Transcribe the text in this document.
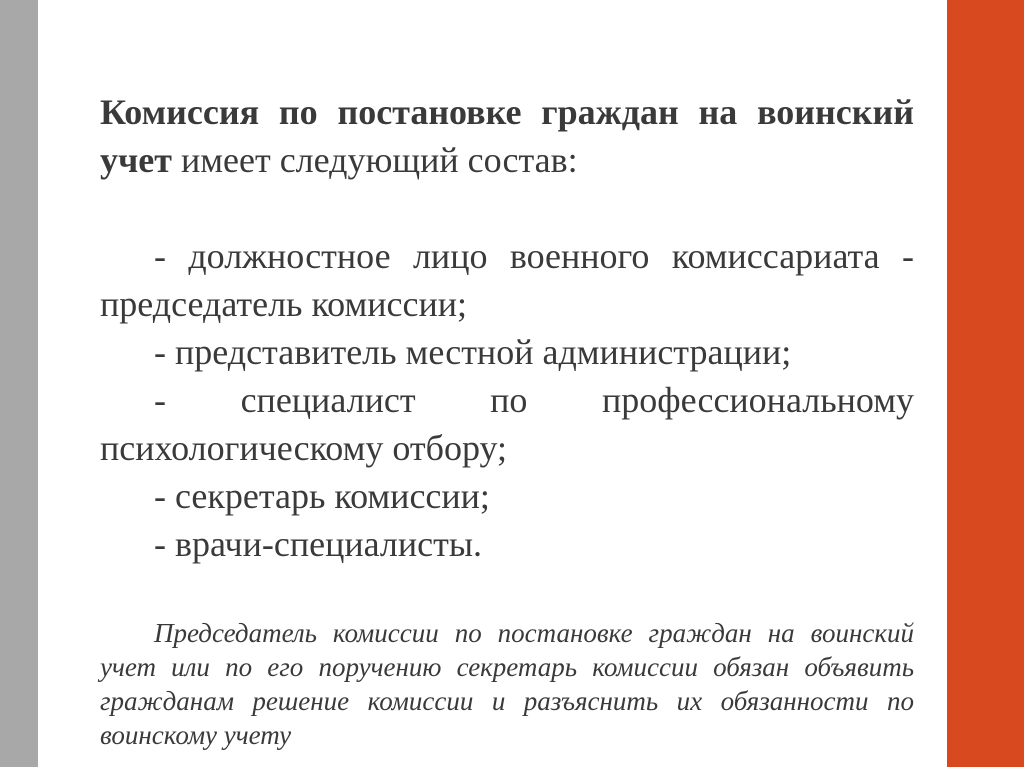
Комиссия по постановке граждан на воинский учет имеет следующий состав:

- должностное лицо военного комиссариата - председатель комиссии;

- представитель местной администрации;

- специалист по профессиональному психологическому отбору;

- секретарь комиссии;

- врачи-специалисты.

Председатель комиссии по постановке граждан на воинский учет или по его поручению секретарь комиссии обязан объявить гражданам решение комиссии и разъяснить их обязанности по воинскому учету
